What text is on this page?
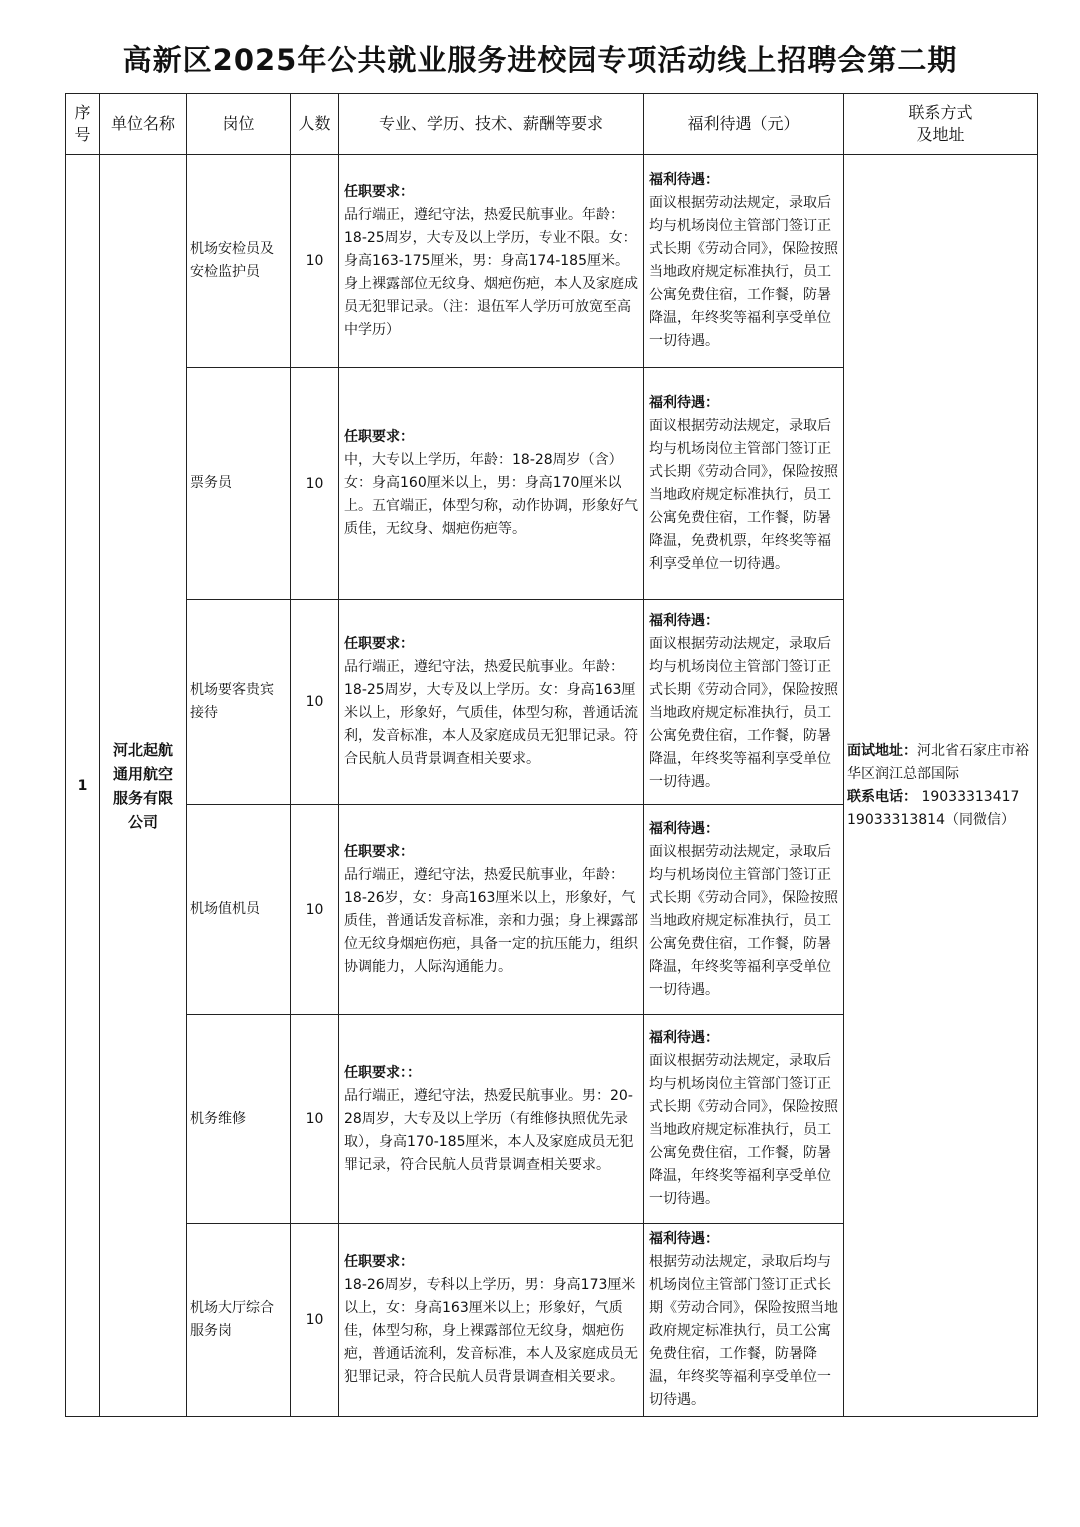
高新区2025年公共就业服务进校园专项活动线上招聘会第二期
序号	单位名称	岗位	人数	专业、学历、技术、薪酬等要求	福利待遇（元）	联系方式
及地址

1	河北起航通用航空服务有限公司	机场安检员及安检监护员	10	任职要求：
品行端正，遵纪守法，热爱民航事业。年龄：18-25周岁，大专及以上学历，专业不限。女：身高163-175厘米，男：身高174-185厘米。身上裸露部位无纹身、烟疤伤疤，本人及家庭成员无犯罪记录。（注：退伍军人学历可放宽至高中学历）	福利待遇：
面议根据劳动法规定，录取后均与机场岗位主管部门签订正式长期《劳动合同》，保险按照当地政府规定标准执行，员工公寓免费住宿，工作餐，防暑降温，年终奖等福利享受单位一切待遇。	面试地址：河北省石家庄市裕华区润江总部国际
联系电话： 19033313417
19033313814（同微信）
		票务员	10	任职要求：
中，大专以上学历，年龄：18-28周岁（含）女：身高160厘米以上，男：身高170厘米以上。五官端正，体型匀称，动作协调，形象好气质佳，无纹身、烟疤伤疤等。	福利待遇：
面议根据劳动法规定，录取后均与机场岗位主管部门签订正式长期《劳动合同》，保险按照当地政府规定标准执行，员工公寓免费住宿，工作餐，防暑降温，免费机票，年终奖等福利享受单位一切待遇。	
		机场要客贵宾接待	10	任职要求：
品行端正，遵纪守法，热爱民航事业。年龄：18-25周岁，大专及以上学历。女：身高163厘米以上，形象好，气质佳，体型匀称，普通话流利，发音标准，本人及家庭成员无犯罪记录。符合民航人员背景调查相关要求。	福利待遇：
面议根据劳动法规定，录取后均与机场岗位主管部门签订正式长期《劳动合同》，保险按照当地政府规定标准执行，员工公寓免费住宿，工作餐，防暑降温，年终奖等福利享受单位一切待遇。	
		机场值机员	10	任职要求：
品行端正，遵纪守法，热爱民航事业，年龄：18-26岁，女：身高163厘米以上，形象好，气质佳，普通话发音标准，亲和力强；身上裸露部位无纹身烟疤伤疤，具备一定的抗压能力，组织协调能力，人际沟通能力。	福利待遇：
面议根据劳动法规定，录取后均与机场岗位主管部门签订正式长期《劳动合同》，保险按照当地政府规定标准执行，员工公寓免费住宿，工作餐，防暑降温，年终奖等福利享受单位一切待遇。	
		机务维修	10	任职要求：：
品行端正，遵纪守法，热爱民航事业。男：20-28周岁，大专及以上学历（有维修执照优先录取），身高170-185厘米，本人及家庭成员无犯罪记录，符合民航人员背景调查相关要求。	福利待遇：
面议根据劳动法规定，录取后均与机场岗位主管部门签订正式长期《劳动合同》，保险按照当地政府规定标准执行，员工公寓免费住宿，工作餐，防暑降温，年终奖等福利享受单位一切待遇。	
		机场大厅综合服务岗	10	任职要求：
18-26周岁，专科以上学历，男：身高173厘米以上，女：身高163厘米以上；形象好，气质佳，体型匀称，身上裸露部位无纹身，烟疤伤疤，普通话流利，发音标准，本人及家庭成员无犯罪记录，符合民航人员背景调查相关要求。	福利待遇：
根据劳动法规定，录取后均与机场岗位主管部门签订正式长期《劳动合同》，保险按照当地政府规定标准执行，员工公寓免费住宿，工作餐，防暑降温，年终奖等福利享受单位一切待遇。	
